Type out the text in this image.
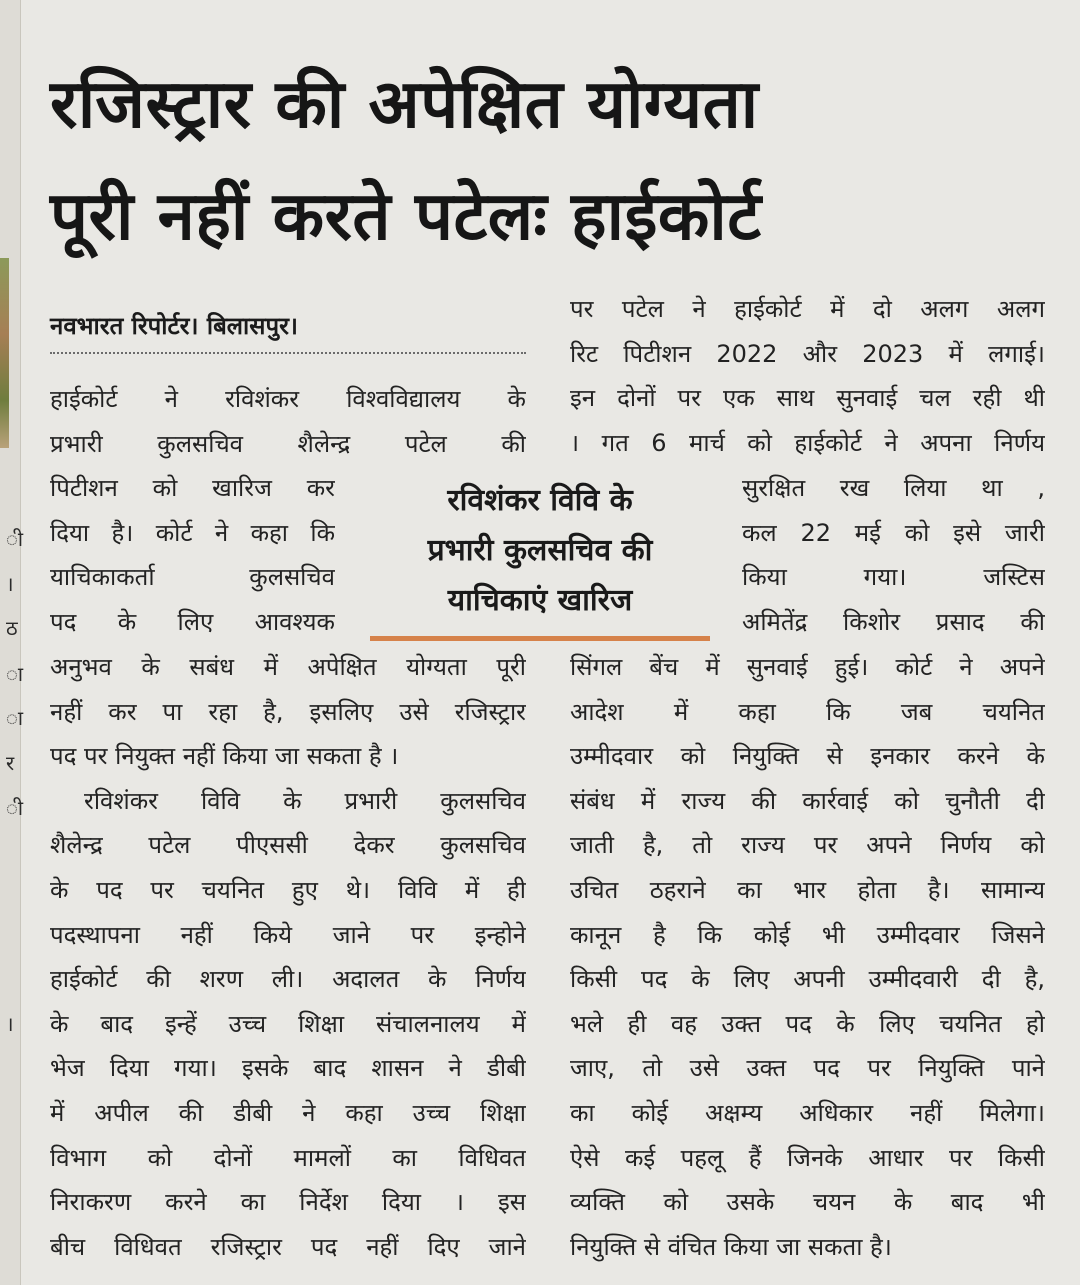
ी
।
ठ
ा
ा
र
ी
।
रजिस्ट्रार की अपेक्षित योग्यता
पूरी नहीं करते पटेलः हाईकोर्ट
नवभारत रिपोर्टर। बिलासपुर।
हाईकोर्ट ने रविशंकर विश्वविद्यालय के
प्रभारी कुलसचिव शैलेन्द्र पटेल की
पिटीशन को खारिज कर
दिया है। कोर्ट ने कहा कि
याचिकाकर्ता कुलसचिव
पद के लिए आवश्यक
अनुभव के सबंध में अपेक्षित योग्यता पूरी
नहीं कर पा रहा है, इसलिए उसे रजिस्ट्रार
पद पर नियुक्त नहीं किया जा सकता है ।
रविशंकर विवि के प्रभारी कुलसचिव
शैलेन्द्र पटेल पीएससी देकर कुलसचिव
के पद पर चयनित हुए थे। विवि में ही
पदस्थापना नहीं किये जाने पर इन्होने
हाईकोर्ट की शरण ली। अदालत के निर्णय
के बाद इन्हें उच्च शिक्षा संचालनालय में
भेज दिया गया। इसके बाद शासन ने डीबी
में अपील की डीबी ने कहा उच्च शिक्षा
विभाग को दोनों मामलों का विधिवत
निराकरण करने का निर्देश दिया । इस
बीच विधिवत रजिस्ट्रार पद नहीं दिए जाने
रविशंकर विवि के
प्रभारी कुलसचिव की
याचिकाएं खारिज
पर पटेल ने हाईकोर्ट में दो अलग अलग
रिट पिटीशन 2022 और 2023 में लगाई।
इन दोनों पर एक साथ सुनवाई चल रही थी
। गत 6 मार्च को हाईकोर्ट ने अपना निर्णय
सुरक्षित रख लिया था ,
कल 22 मई को इसे जारी
किया गया। जस्टिस
अमितेंद्र किशोर प्रसाद की
सिंगल बेंच में सुनवाई हुई। कोर्ट ने अपने
आदेश में कहा कि जब चयनित
उम्मीदवार को नियुक्ति से इनकार करने के
संबंध में राज्य की कार्रवाई को चुनौती दी
जाती है, तो राज्य पर अपने निर्णय को
उचित ठहराने का भार होता है। सामान्य
कानून है कि कोई भी उम्मीदवार जिसने
किसी पद के लिए अपनी उम्मीदवारी दी है,
भले ही वह उक्त पद के लिए चयनित हो
जाए, तो उसे उक्त पद पर नियुक्ति पाने
का कोई अक्षम्य अधिकार नहीं मिलेगा।
ऐसे कई पहलू हैं जिनके आधार पर किसी
व्यक्ति को उसके चयन के बाद भी
नियुक्ति से वंचित किया जा सकता है।
